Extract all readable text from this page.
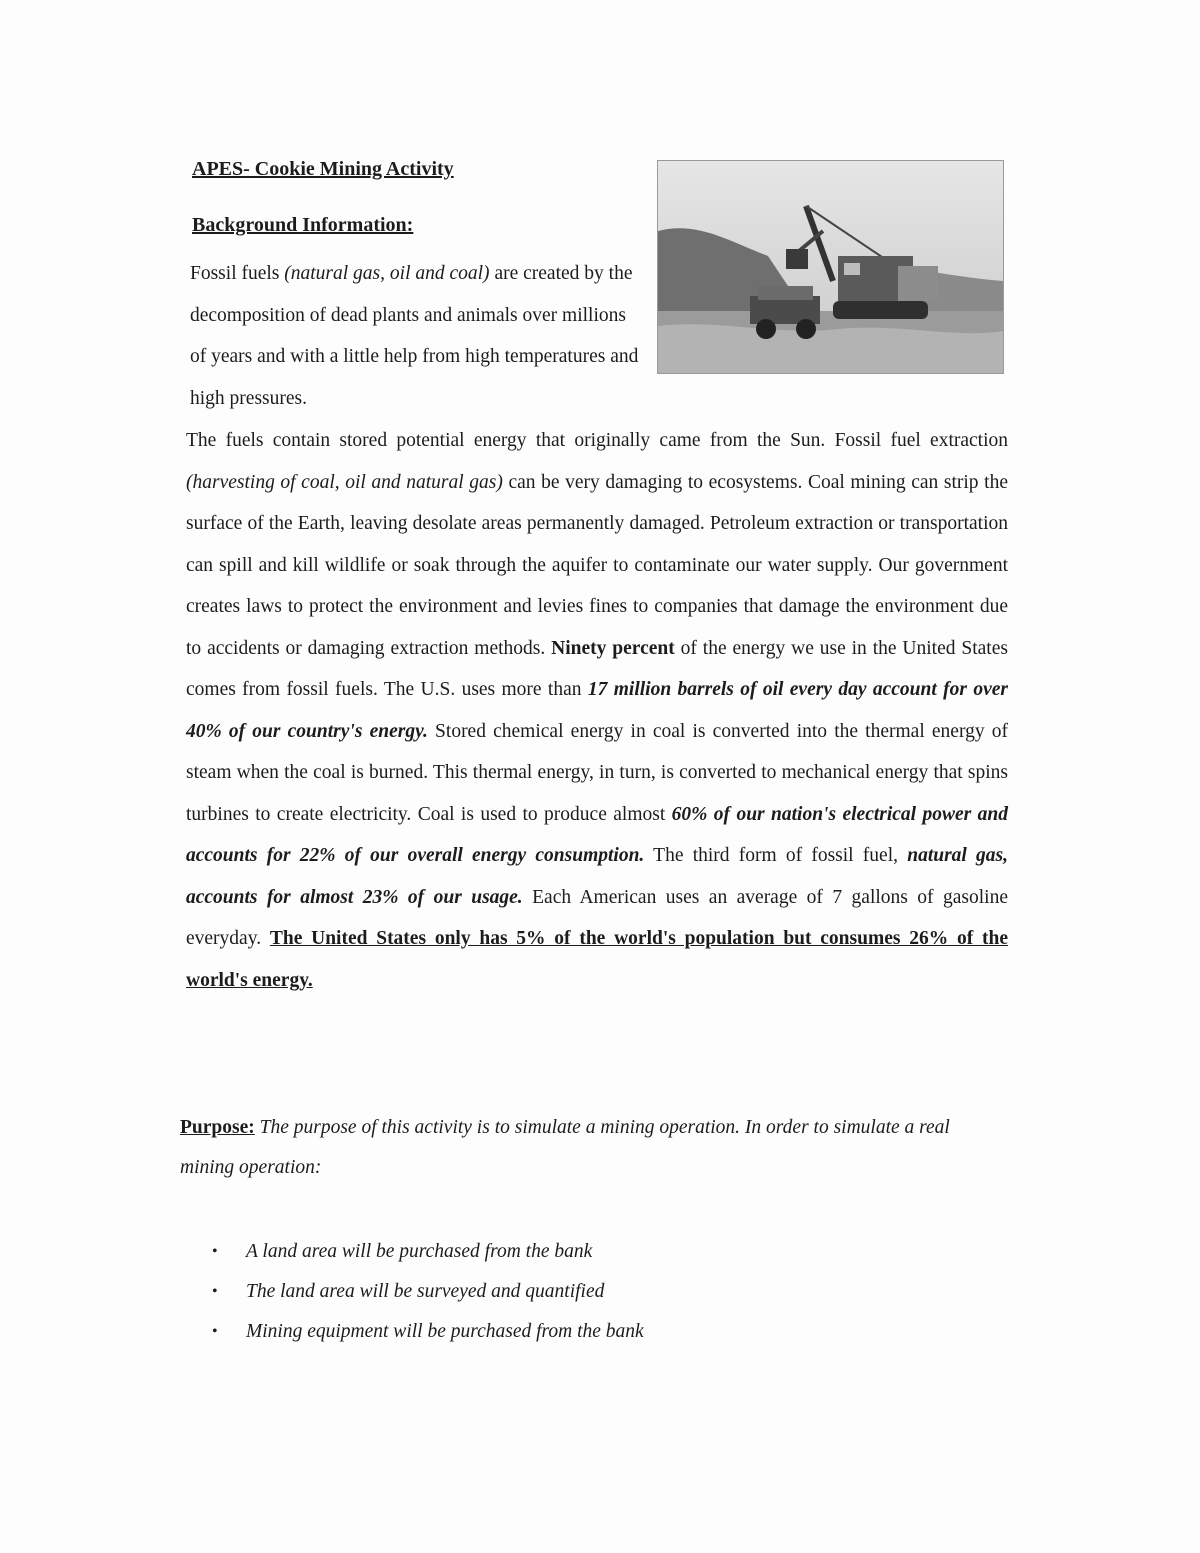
APES- Cookie Mining Activity

Background Information:

Fossil fuels (natural gas, oil and coal) are created by the decomposition of dead plants and animals over millions of years and with a little help from high temperatures and high pressures.

The fuels contain stored potential energy that originally came from the Sun. Fossil fuel extraction (harvesting of coal, oil and natural gas) can be very damaging to ecosystems. Coal mining can strip the surface of the Earth, leaving desolate areas permanently damaged. Petroleum extraction or transportation can spill and kill wildlife or soak through the aquifer to contaminate our water supply. Our government creates laws to protect the environment and levies fines to companies that damage the environment due to accidents or damaging extraction methods. Ninety percent of the energy we use in the United States comes from fossil fuels. The U.S. uses more than 17 million barrels of oil every day account for over 40% of our country's energy. Stored chemical energy in coal is converted into the thermal energy of steam when the coal is burned. This thermal energy, in turn, is converted to mechanical energy that spins turbines to create electricity. Coal is used to produce almost 60% of our nation's electrical power and accounts for 22% of our overall energy consumption. The third form of fossil fuel, natural gas, accounts for almost 23% of our usage. Each American uses an average of 7 gallons of gasoline everyday. The United States only has 5% of the world's population but consumes 26% of the world's energy.

Purpose: The purpose of this activity is to simulate a mining operation. In order to simulate a real mining operation:

• A land area will be purchased from the bank
• The land area will be surveyed and quantified
• Mining equipment will be purchased from the bank
